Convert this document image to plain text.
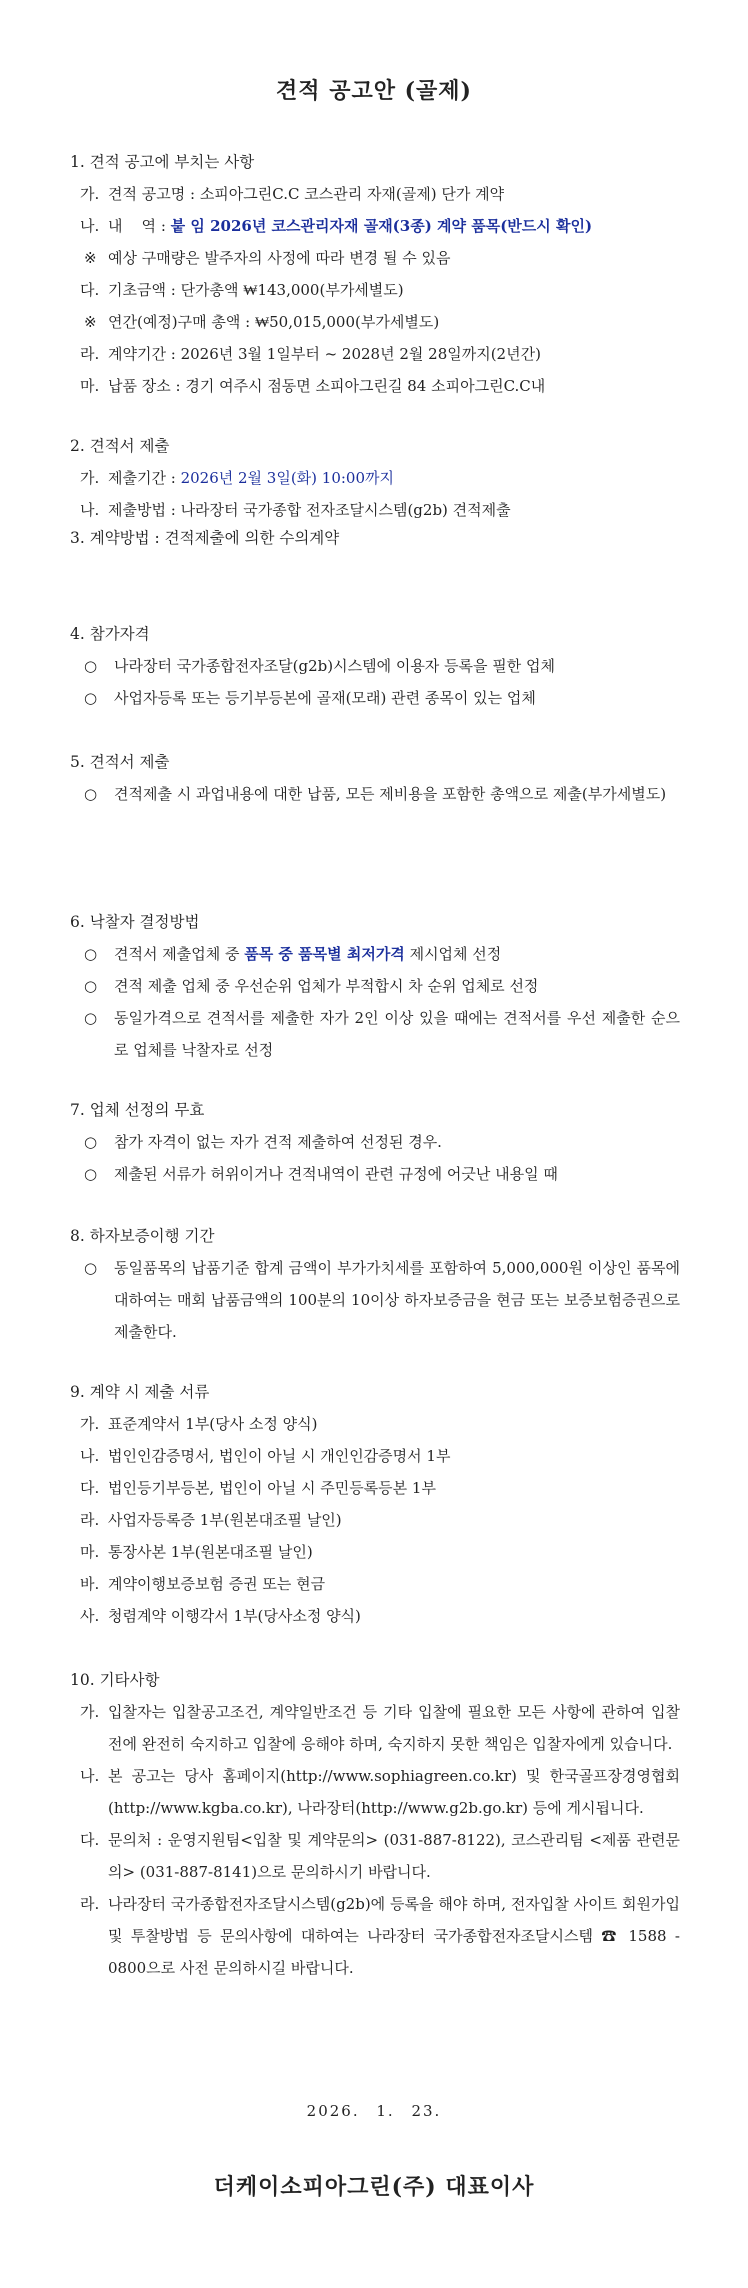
견적 공고안 (골제)
1. 견적 공고에 부치는 사항
가. 견적 공고명 : 소피아그린C.C 코스관리 자재(골제) 단가 계약
나. 내    역 : 붙 임 2026년 코스관리자재 골재(3종) 계약 품목(반드시 확인)
※ 예상 구매량은 발주자의 사정에 따라 변경 될 수 있음
다. 기초금액 : 단가총액 ₩143,000(부가세별도)
※ 연간(예정)구매 총액 : ₩50,015,000(부가세별도)
라. 계약기간 : 2026년 3월 1일부터 ~ 2028년 2월 28일까지(2년간)
마. 납품 장소 : 경기 여주시 점동면 소피아그린길 84 소피아그린C.C내
2. 견적서 제출
가. 제출기간 : 2026년 2월 3일(화) 10:00까지
나. 제출방법 : 나라장터 국가종합 전자조달시스템(g2b) 견적제출
3. 계약방법 : 견적제출에 의한 수의계약
4. 참가자격
○	나라장터 국가종합전자조달(g2b)시스템에 이용자 등록을 필한 업체
○	사업자등록 또는 등기부등본에 골재(모래) 관련 종목이 있는 업체
5. 견적서 제출
○	견적제출 시 과업내용에 대한 납품, 모든 제비용을 포함한 총액으로 제출(부가세별도)
6. 낙찰자 결정방법
○	견적서 제출업체 중 품목 중 품목별 최저가격 제시업체 선정
○	견적 제출 업체 중 우선순위 업체가 부적합시 차 순위 업체로 선정
○	동일가격으로 견적서를 제출한 자가 2인 이상 있을 때에는 견적서를 우선 제출한 순으로 업체를 낙찰자로 선정
7. 업체 선정의 무효
○	참가 자격이 없는 자가 견적 제출하여 선정된 경우.
○	제출된 서류가 허위이거나 견적내역이 관련 규정에 어긋난 내용일 때
8. 하자보증이행 기간
○	동일품목의 납품기준 합계 금액이 부가가치세를 포함하여 5,000,000원 이상인 품목에 대하여는 매회 납품금액의 100분의 10이상 하자보증금을 현금 또는 보증보험증권으로 제출한다.
9. 계약 시 제출 서류
가. 표준계약서 1부(당사 소정 양식)
나. 법인인감증명서, 법인이 아닐 시 개인인감증명서 1부
다. 법인등기부등본, 법인이 아닐 시 주민등록등본 1부
라. 사업자등록증 1부(원본대조필 날인)
마. 통장사본 1부(원본대조필 날인)
바. 계약이행보증보험 증권 또는 현금
사. 청렴계약 이행각서 1부(당사소정 양식)
10. 기타사항
가. 입찰자는 입찰공고조건, 계약일반조건 등 기타 입찰에 필요한 모든 사항에 관하여 입찰 전에 완전히 숙지하고 입찰에 응해야 하며, 숙지하지 못한 책임은 입찰자에게 있습니다.
나. 본 공고는 당사 홈페이지(http://www.sophiagreen.co.kr) 및 한국골프장경영협회(http://www.kgba.co.kr), 나라장터(http://www.g2b.go.kr) 등에 게시됩니다.
다. 문의처 : 운영지원팀<입찰 및 계약문의> (031-887-8122), 코스관리팀 <제품 관련문의> (031-887-8141)으로 문의하시기 바랍니다.
라. 나라장터 국가종합전자조달시스템(g2b)에 등록을 해야 하며, 전자입찰 사이트 회원가입 및 투찰방법 등 문의사항에 대하여는 나라장터 국가종합전자조달시스템 ☎ 1588 - 0800으로 사전 문의하시길 바랍니다.
2026. 1. 23.
더케이소피아그린(주) 대표이사
